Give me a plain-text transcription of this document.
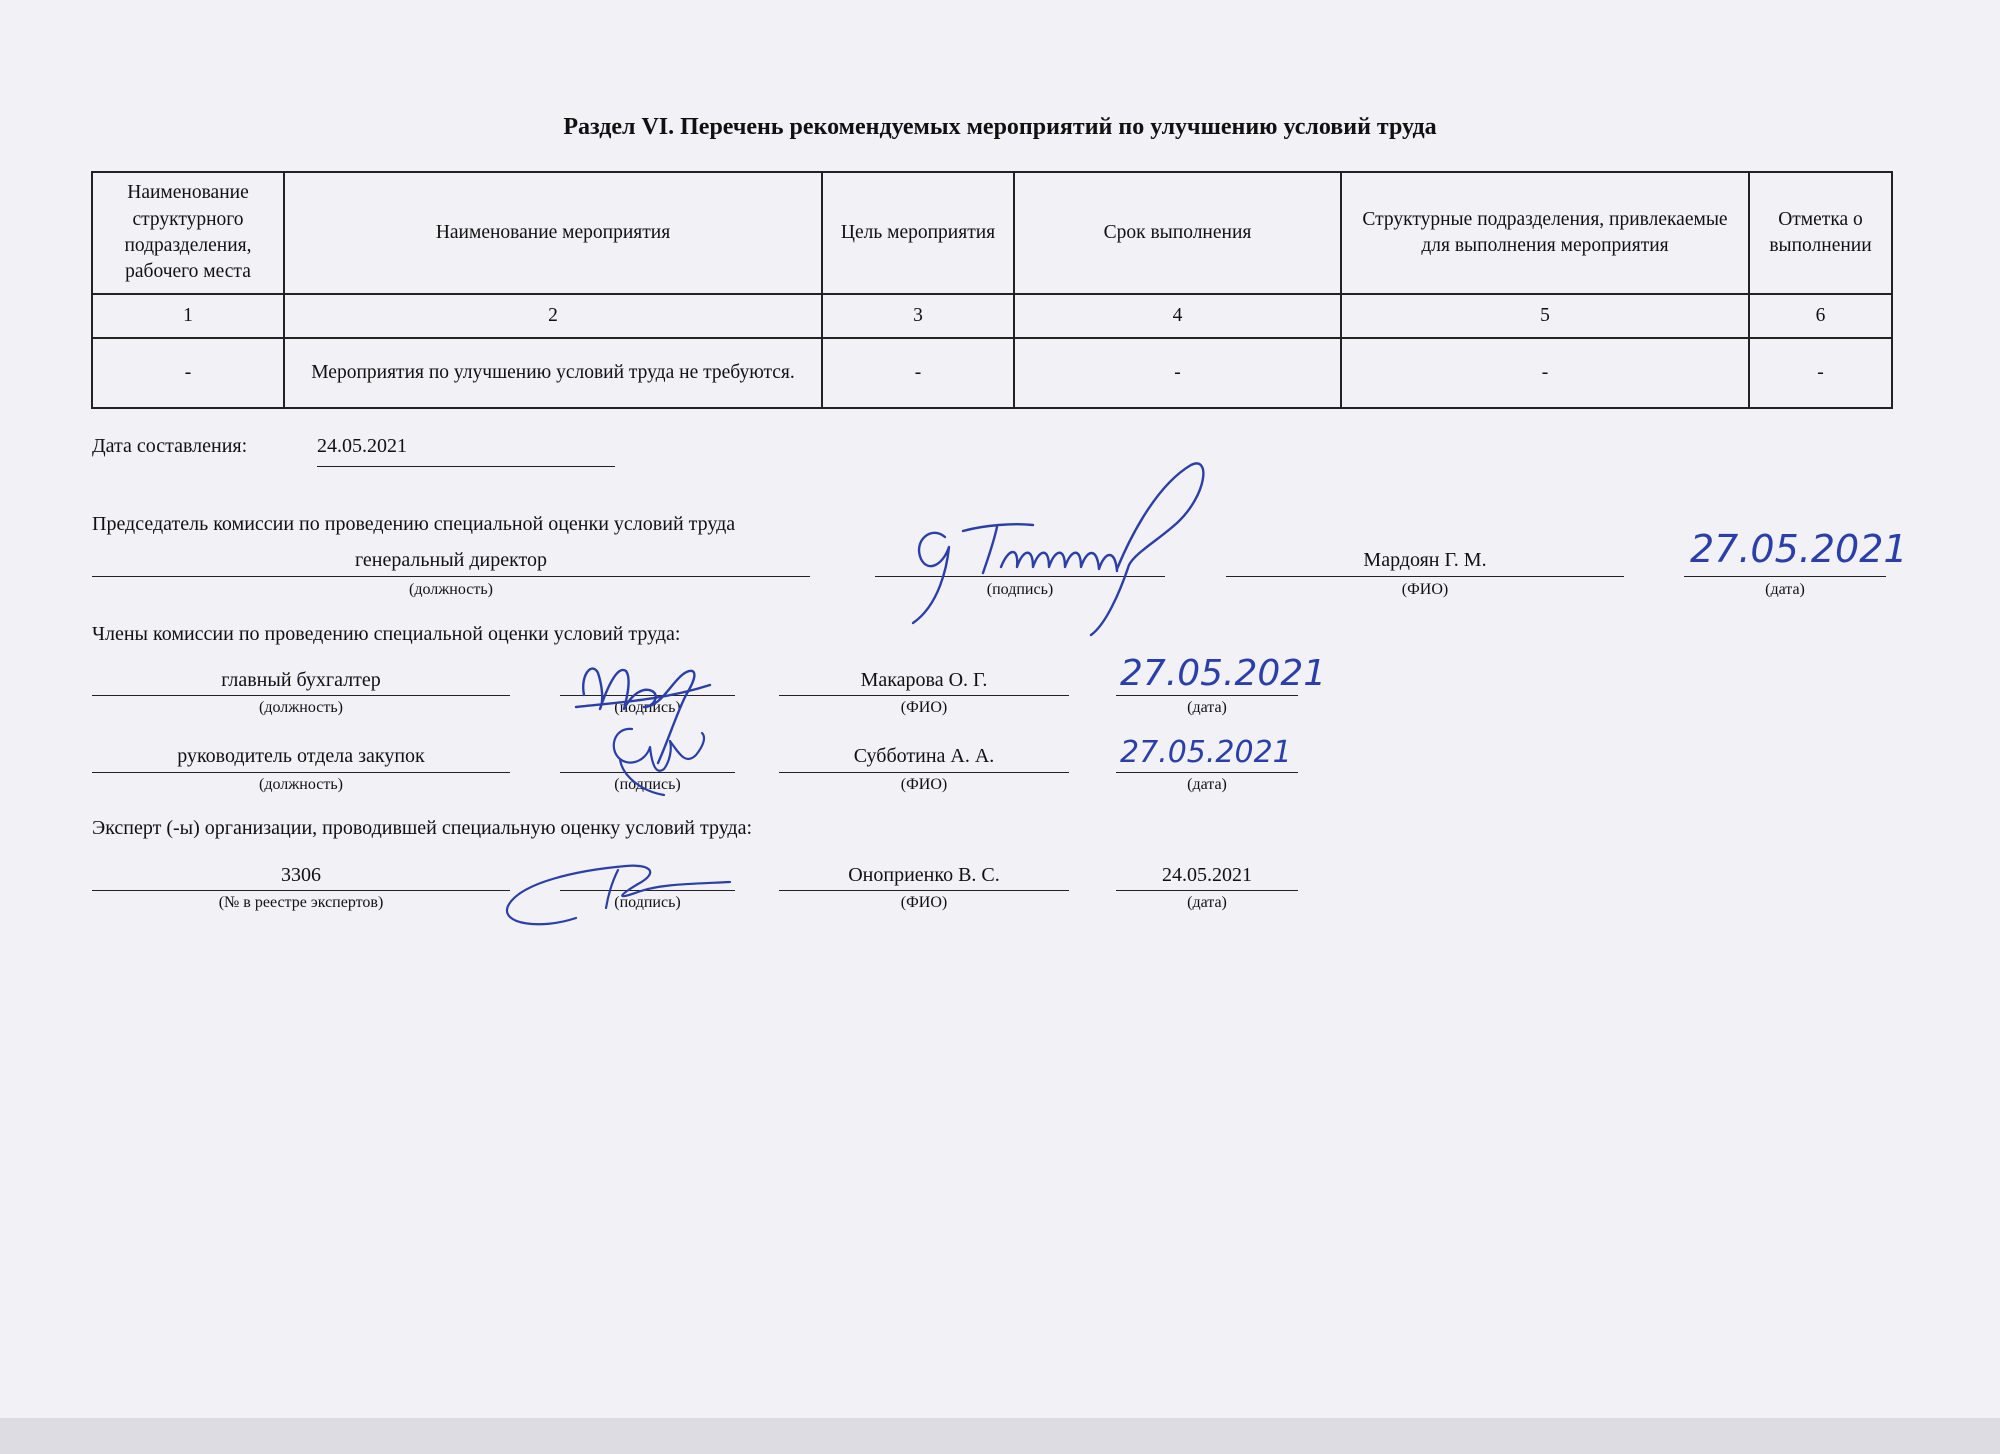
Раздел VI. Перечень рекомендуемых мероприятий по улучшению условий труда
Наименование структурного подразделения, рабочего места	Наименование мероприятия	Цель мероприятия	Срок выполнения	Структурные подразделения, привлекаемые для выполнения мероприятия	Отметка о выполнении
1	2	3	4	5	6
-	Мероприятия по улучшению условий труда не требуются.	-	-	-	-
Дата составления:	24.05.2021
Председатель комиссии по проведению специальной оценки условий труда
генеральный директор
(должность)	(подпись)
Мардоян Г. М.
(ФИО)
27.05.2021
(дата)
Члены комиссии по проведению специальной оценки условий труда:
главный бухгалтер
(должность)	(подпись)
Макарова О. Г.
(ФИО)
27.05.2021
(дата)
руководитель отдела закупок
(должность)	(подпись)
Субботина А. А.
(ФИО)
27.05.2021
(дата)
Эксперт (-ы) организации, проводившей специальную оценку условий труда:
3306
(№ в реестре экспертов)	(подпись)
Оноприенко В. С.
(ФИО)
24.05.2021
(дата)
